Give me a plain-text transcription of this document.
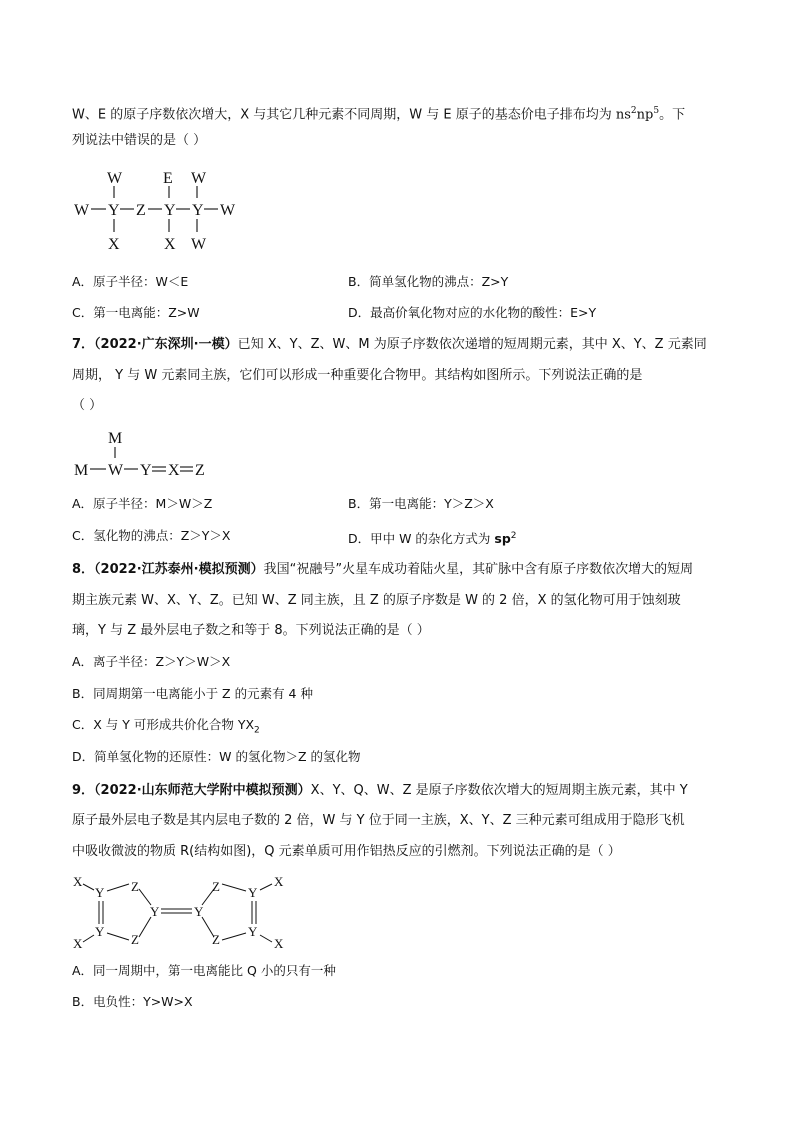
W、E 的原子序数依次增大，X 与其它几种元素不同周期，W 与 E 原子的基态价电子排布均为 $ns^2np^5$。下
列说法中错误的是（ ）
W	E W
W Y Z Y Y W
X	X W
A．原子半径：W＜E	B．简单氢化物的沸点：Z>Y
C．第一电离能：Z>W	D．最高价氧化物对应的水化物的酸性：E>Y
7．（2022·广东深圳·一模）已知 X、Y、Z、W、M 为原子序数依次递增的短周期元素，其中 X、Y、Z 元素同
周期， Y 与 W 元素同主族，它们可以形成一种重要化合物甲。其结构如图所示。下列说法正确的是
（ ）
M
M W Y X Z
A．原子半径：M＞W＞Z	B．第一电离能：Y＞Z＞X
C．氢化物的沸点：Z＞Y＞X	D．甲中 W 的杂化方式为 $sp^2$
8．（2022·江苏泰州·模拟预测）我国“祝融号”火星车成功着陆火星，其矿脉中含有原子序数依次增大的短周
期主族元素 W、X、Y、Z。已知 W、Z 同主族，且 Z 的原子序数是 W 的 2 倍，X 的氢化物可用于蚀刻玻
璃，Y 与 Z 最外层电子数之和等于 8。下列说法正确的是（ ）
A．离子半径：Z＞Y＞W＞X
B．同周期第一电离能小于 Z 的元素有 4 种
C．X 与 Y 可形成共价化合物 $YX_2$
D．简单氢化物的还原性：W 的氢化物＞Z 的氢化物
9．（2022·山东师范大学附中模拟预测）X、Y、Q、W、Z 是原子序数依次增大的短周期主族元素，其中 Y
原子最外层电子数是其内层电子数的 2 倍，W 与 Y 位于同一主族，X、Y、Z 三种元素可组成用于隐形飞机
中吸收微波的物质 R(结构如图)，Q 元素单质可用作铝热反应的引燃剂。下列说法正确的是（ ）
X
Y Z
Y
Y
X	Z
Y
Z Y
X
Y
Z	X
A．同一周期中，第一电离能比 Q 小的只有一种
B．电负性：Y>W>X
